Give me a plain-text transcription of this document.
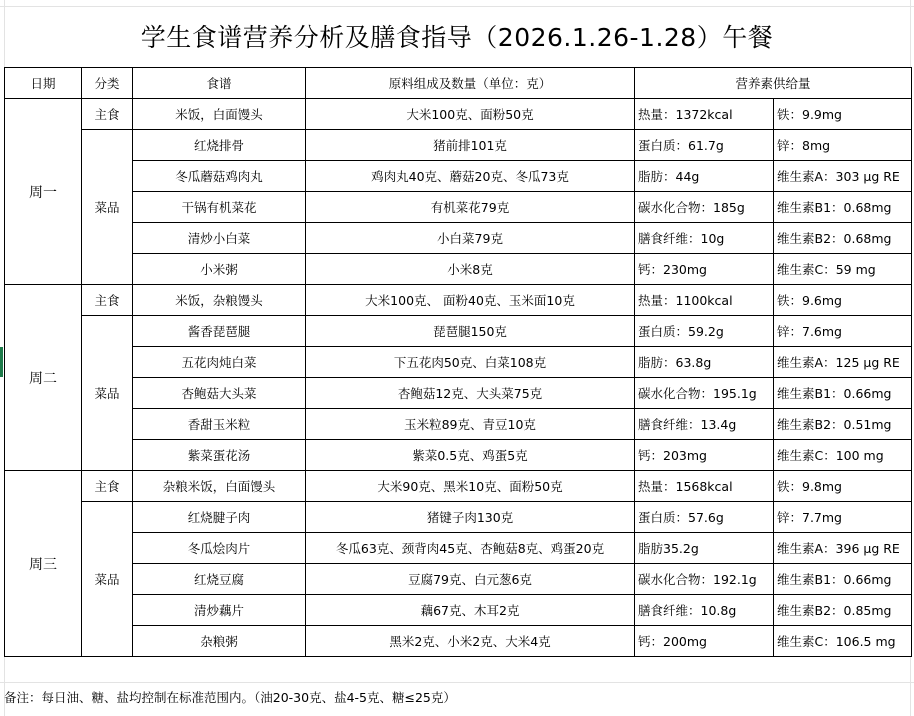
学生食谱营养分析及膳食指导（2026.1.26-1.28）午餐
日期	分类	食谱	原料组成及数量（单位：克）	营养素供给量	
周一	主食	米饭，白面馒头	大米100克、面粉50克	热量：1372kcal	铁：9.9mg
	菜品	红烧排骨	猪前排101克	蛋白质：61.7g	锌：8mg
		冬瓜蘑菇鸡肉丸	鸡肉丸40克、蘑菇20克、冬瓜73克	脂肪：44g	维生素A：303 μg RE
		干锅有机菜花	有机菜花79克	碳水化合物：185g	维生素B1：0.68mg
		清炒小白菜	小白菜79克	膳食纤维：10g	维生素B2：0.68mg
		小米粥	小米8克	钙：230mg	维生素C：59 mg
周二	主食	米饭，杂粮馒头	大米100克、 面粉40克、玉米面10克	热量：1100kcal	铁：9.6mg
	菜品	酱香琵琶腿	琵琶腿150克	蛋白质：59.2g	锌：7.6mg
		五花肉炖白菜	下五花肉50克、白菜108克	脂肪：63.8g	维生素A：125 μg RE
		杏鲍菇大头菜	杏鲍菇12克、大头菜75克	碳水化合物：195.1g	维生素B1：0.66mg
		香甜玉米粒	玉米粒89克、青豆10克	膳食纤维：13.4g	维生素B2：0.51mg
		紫菜蛋花汤	紫菜0.5克、鸡蛋5克	钙：203mg	维生素C：100 mg
周三	主食	杂粮米饭，白面馒头	大米90克、黑米10克、面粉50克	热量：1568kcal	铁：9.8mg
	菜品	红烧腱子肉	猪键子肉130克	蛋白质：57.6g	锌：7.7mg
		冬瓜烩肉片	冬瓜63克、颈背肉45克、杏鲍菇8克、鸡蛋20克	脂肪35.2g	维生素A：396 μg RE
		红烧豆腐	豆腐79克、白元葱6克	碳水化合物：192.1g	维生素B1：0.66mg
		清炒藕片	藕67克、木耳2克	膳食纤维：10.8g	维生素B2：0.85mg
		杂粮粥	黑米2克、小米2克、大米4克	钙：200mg	维生素C：106.5 mg
备注：每日油、糖、盐均控制在标准范围内。（油20-30克、盐4-5克、糖≤25克）
